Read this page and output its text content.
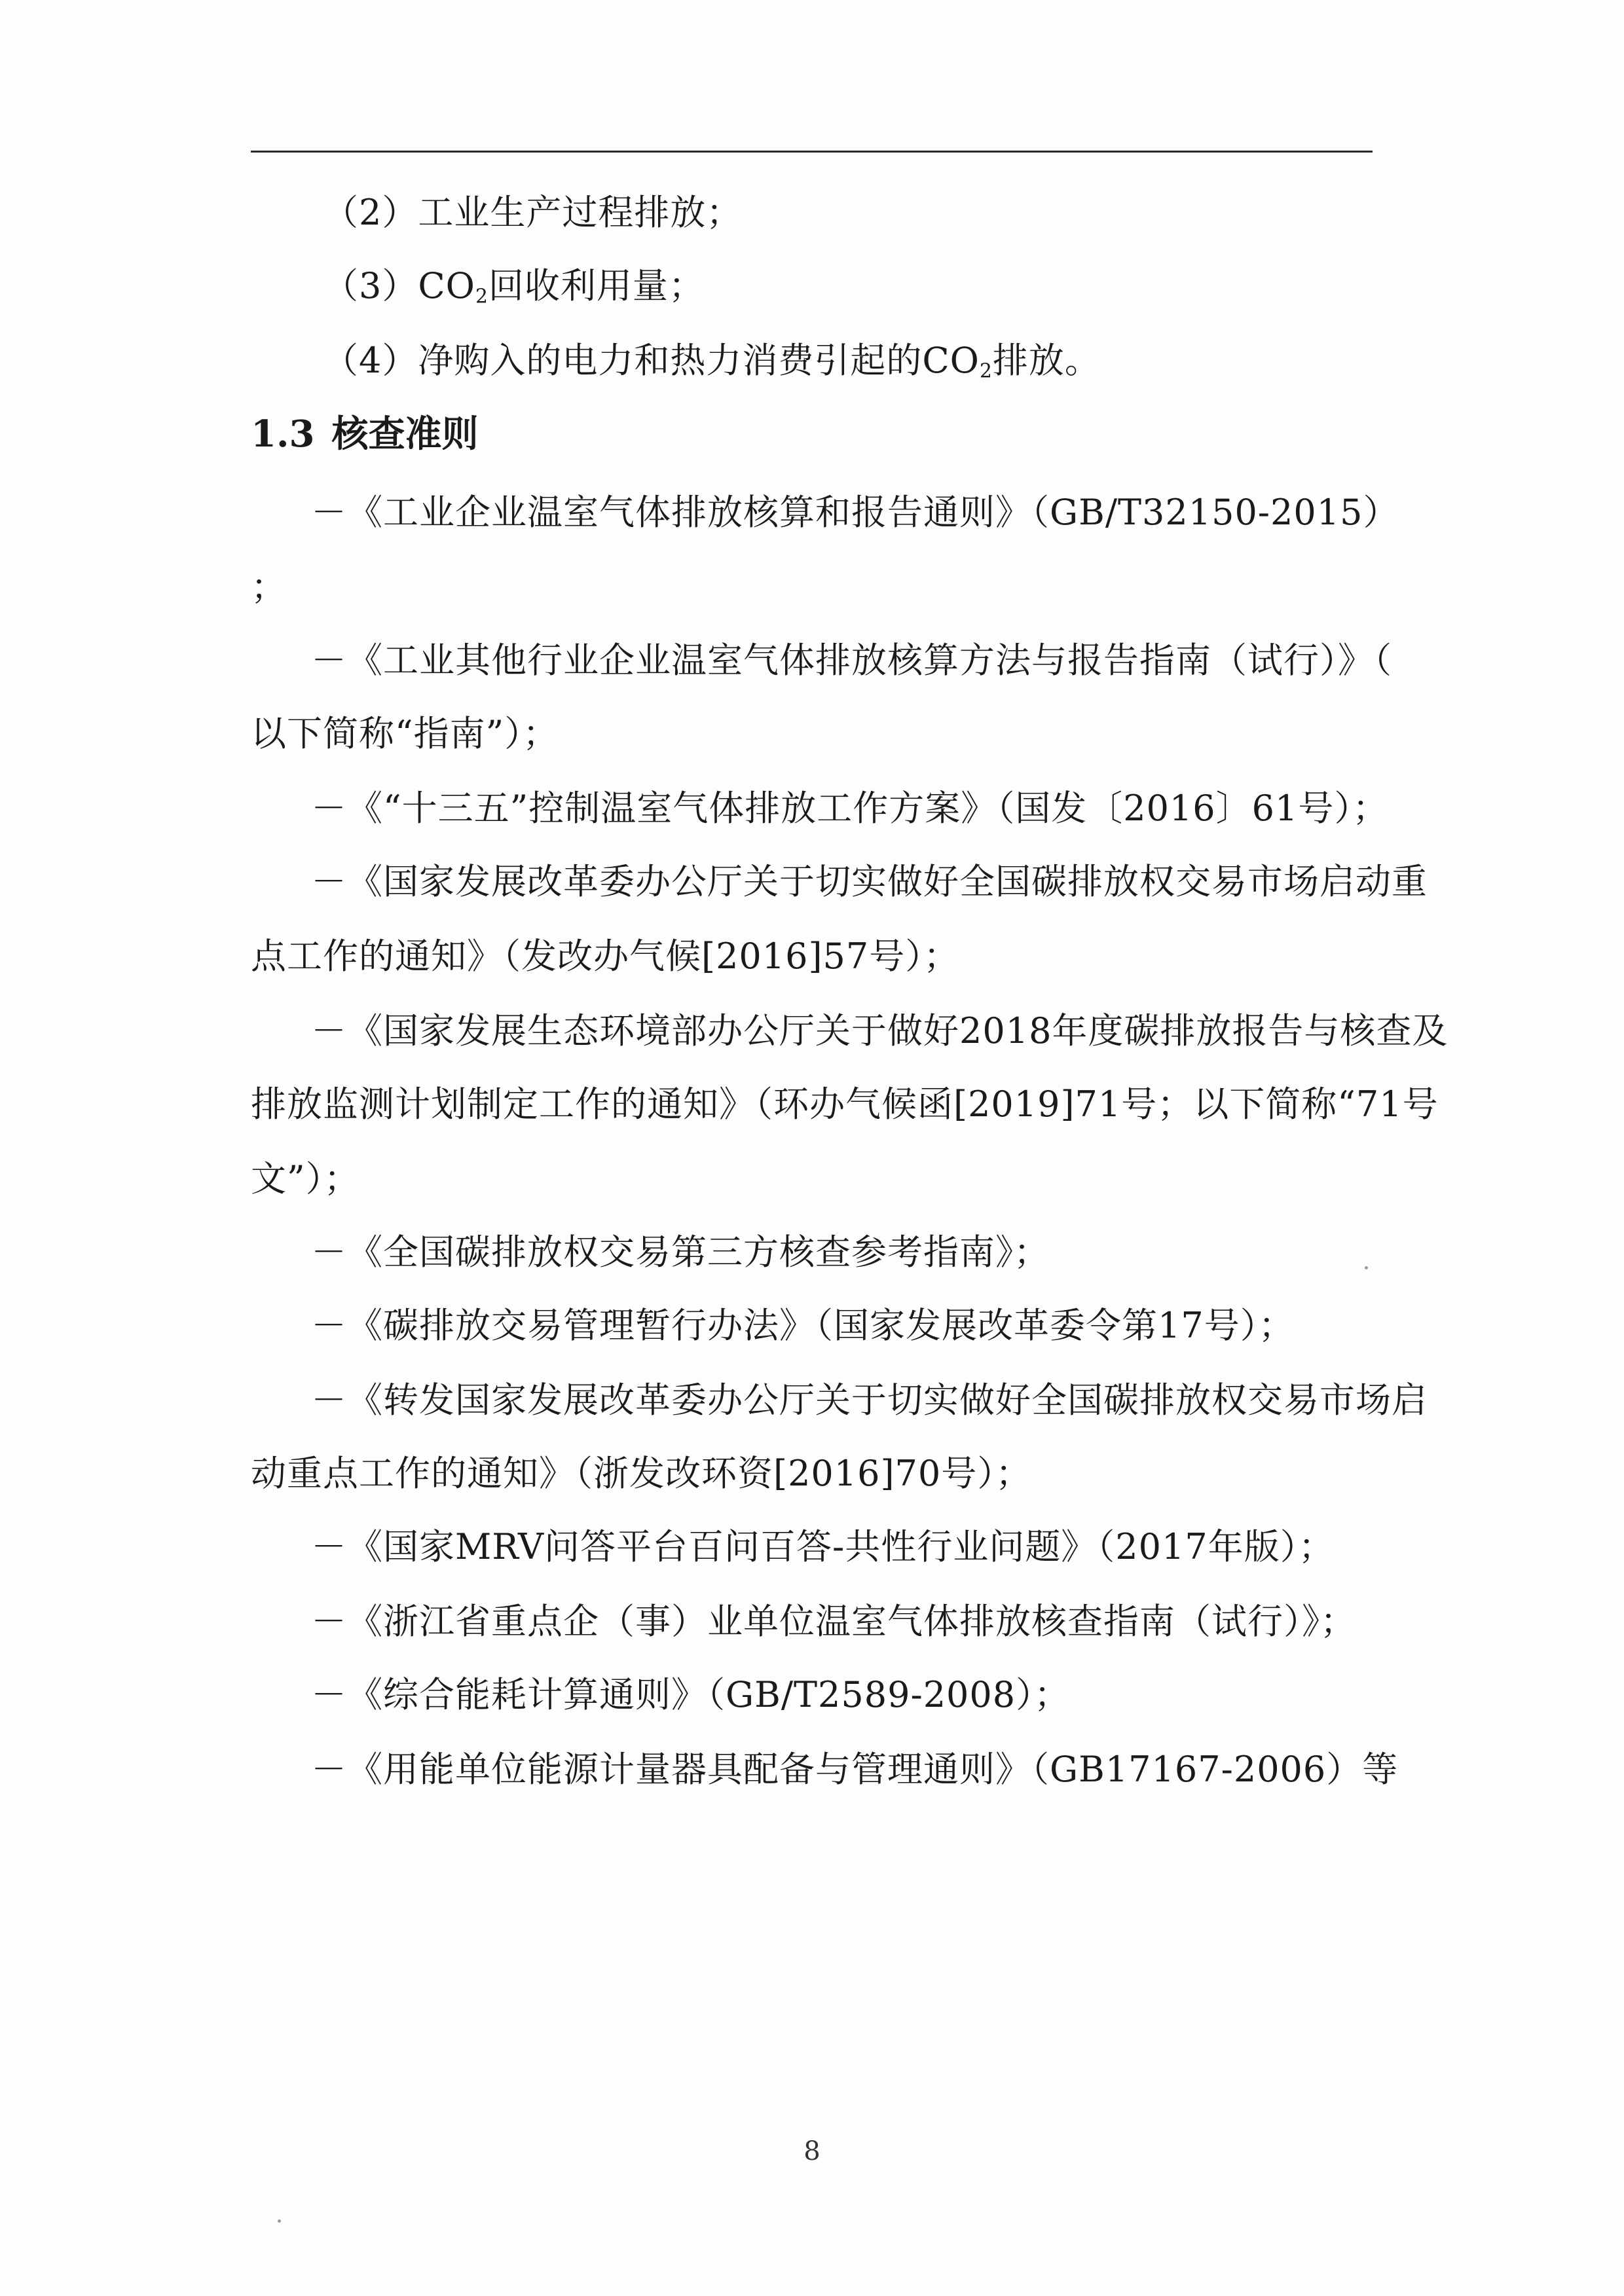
（2）工业生产过程排放；
$(3)CO_2$回收利用量；
（4）净购入的电力和热力消费引起的$CO_2$排放。
1.3 核查准则
－《工业企业温室气体排放核算和报告通则》（GB/T32150-2015）
；
－《工业其他行业企业温室气体排放核算方法与报告指南（试行）》（
以下简称“指南”）；
－《“十三五”控制温室气体排放工作方案》（国发〔2016〕61号）；
－《国家发展改革委办公厅关于切实做好全国碳排放权交易市场启动重
点工作的通知》（发改办气候[2016]57号）；
－《国家发展生态环境部办公厅关于做好2018年度碳排放报告与核查及
排放监测计划制定工作的通知》（环办气候函[2019]71号；以下简称“71号
文”）；
－《全国碳排放权交易第三方核查参考指南》；
－《碳排放交易管理暂行办法》（国家发展改革委令第17号）；
－《转发国家发展改革委办公厅关于切实做好全国碳排放权交易市场启
动重点工作的通知》（浙发改环资[2016]70号）；
－《国家MRV问答平台百问百答-共性行业问题》（2017年版）；
－《浙江省重点企（事）业单位温室气体排放核查指南（试行）》；
－《综合能耗计算通则》（GB/T2589-2008）；
－《用能单位能源计量器具配备与管理通则》（GB17167-2006）等
8
